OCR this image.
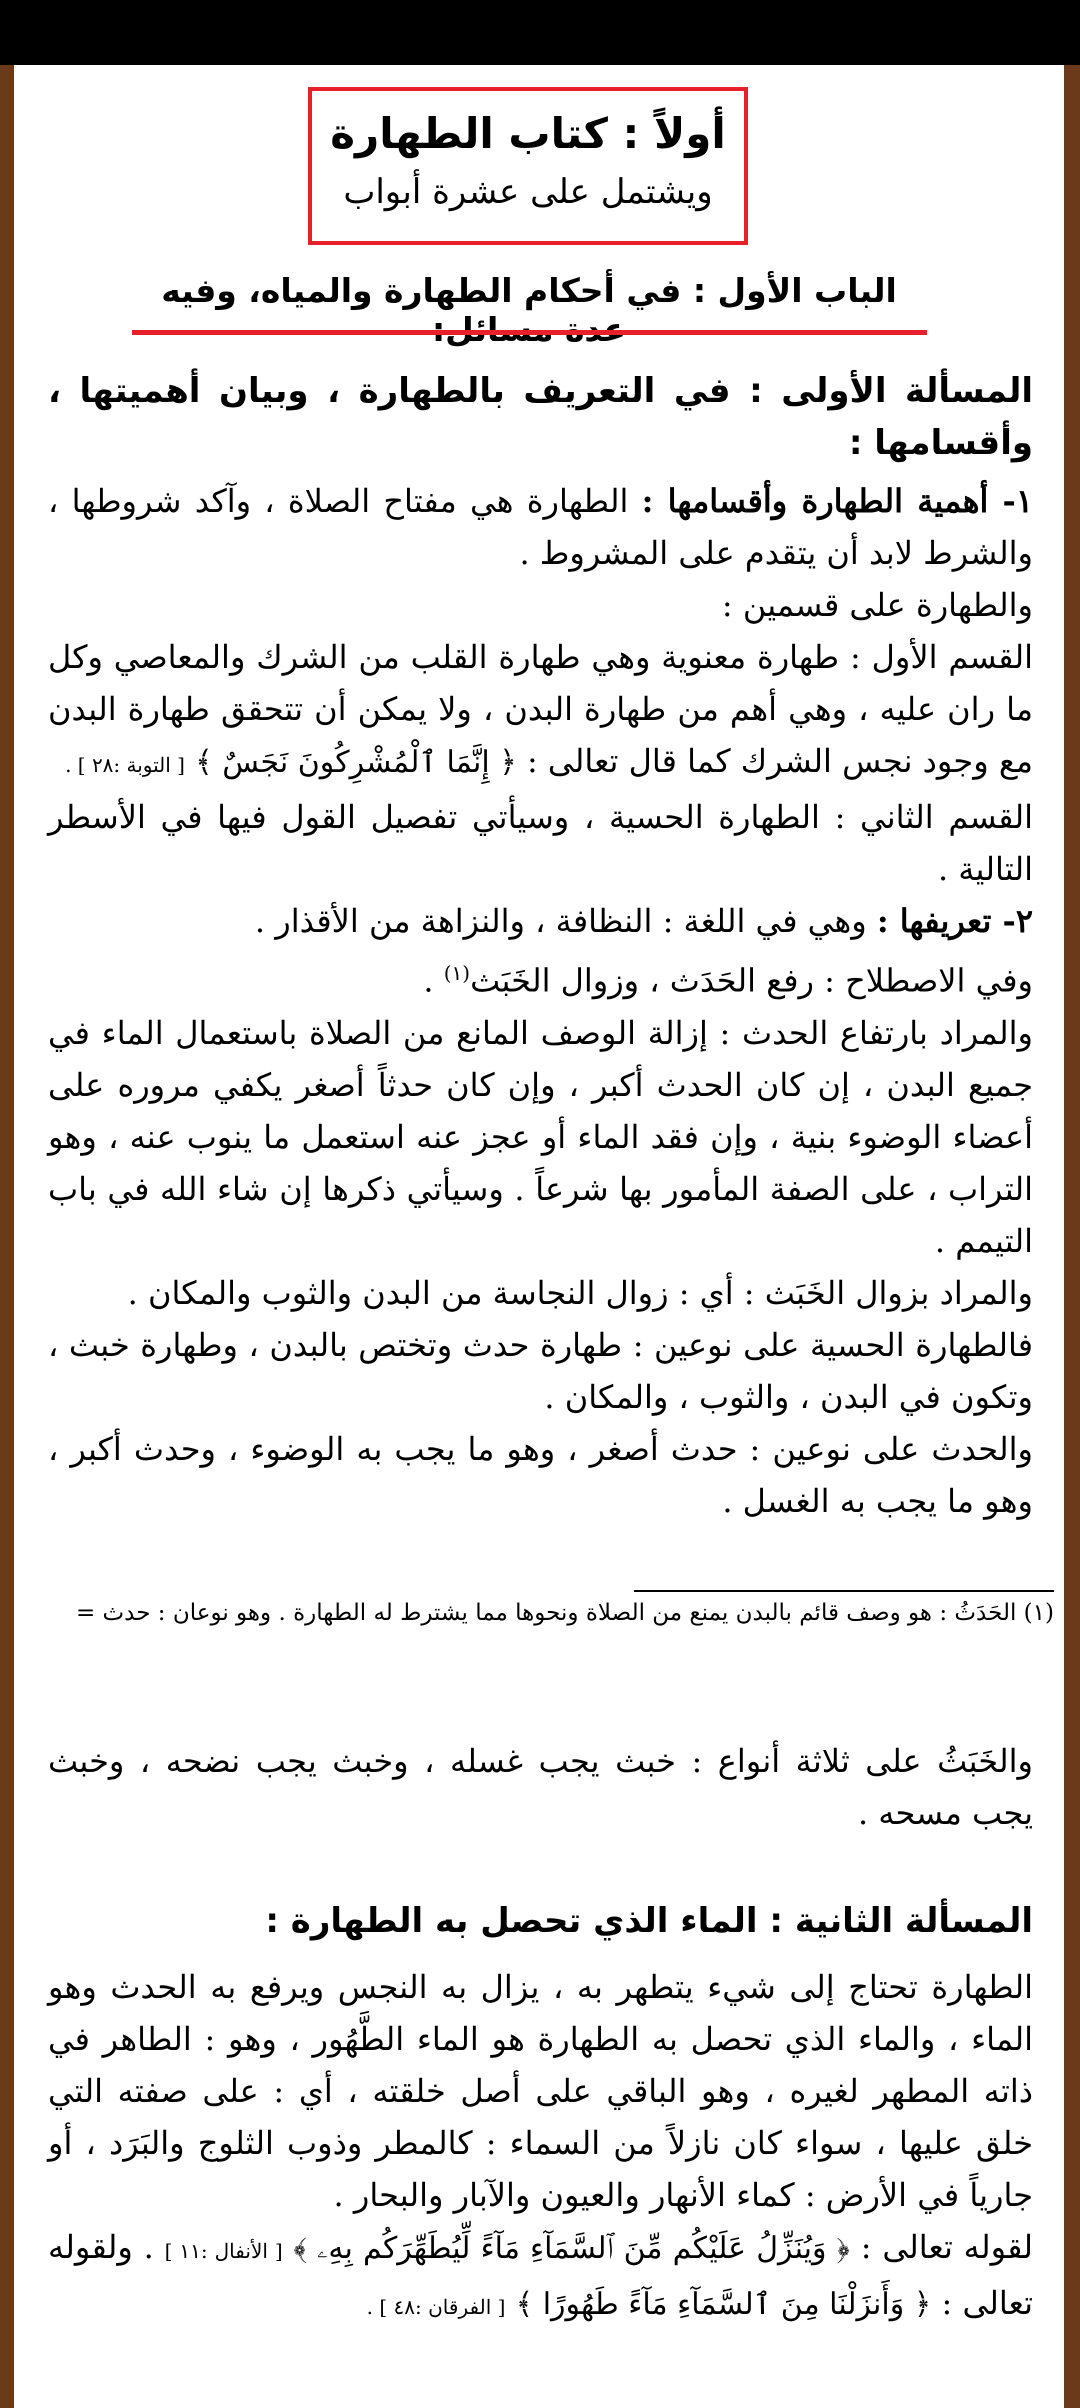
أولاً : كتاب الطهارة
ويشتمل على عشرة أبواب
الباب الأول : في أحكام الطهارة والمياه، وفيه
المسألة الأولى : في التعريف بالطهارة ، وبيان أهميتها ، وأقسامها :
١- أهمية الطهارة وأقسامها : الطهارة هي مفتاح الصلاة ، وآكد شروطها ، والشرط لابد أن يتقدم على المشروط .
والطهارة على قسمين :
القسم الأول : طهارة معنوية وهي طهارة القلب من الشرك والمعاصي وكل ما ران عليه ، وهي أهم من طهارة البدن ، ولا يمكن أن تتحقق طهارة البدن مع وجود نجس الشرك كما قال تعالى : ﴿ إِنَّمَا ٱلْمُشْرِكُونَ نَجَسٌ ﴾ [ التوبة :٢٨ ] .
القسم الثاني : الطهارة الحسية ، وسيأتي تفصيل القول فيها في الأسطر التالية .
٢- تعريفها : وهي في اللغة : النظافة ، والنزاهة من الأقذار .
وفي الاصطلاح : رفع الحَدَث ، وزوال الخَبَث$^{(١)}$ .
والمراد بارتفاع الحدث : إزالة الوصف المانع من الصلاة باستعمال الماء في جميع البدن ، إن كان الحدث أكبر ، وإن كان حدثاً أصغر يكفي مروره على أعضاء الوضوء بنية ، وإن فقد الماء أو عجز عنه استعمل ما ينوب عنه ، وهو التراب ، على الصفة المأمور بها شرعاً . وسيأتي ذكرها إن شاء الله في باب التيمم .
والمراد بزوال الخَبَث : أي : زوال النجاسة من البدن والثوب والمكان .
فالطهارة الحسية على نوعين : طهارة حدث وتختص بالبدن ، وطهارة خبث ، وتكون في البدن ، والثوب ، والمكان .
والحدث على نوعين : حدث أصغر ، وهو ما يجب به الوضوء ، وحدث أكبر ، وهو ما يجب به الغسل .
(١) الحَدَثُ : هو وصف قائم بالبدن يمنع من الصلاة ونحوها مما يشترط له الطهارة . وهو نوعان : حدث =
والخَبَثُ على ثلاثة أنواع : خبث يجب غسله ، وخبث يجب نضحه ، وخبث يجب مسحه .
المسألة الثانية : الماء الذي تحصل به الطهارة :
الطهارة تحتاج إلى شيء يتطهر به ، يزال به النجس ويرفع به الحدث وهو الماء ، والماء الذي تحصل به الطهارة هو الماء الطَّهُور ، وهو : الطاهر في ذاته المطهر لغيره ، وهو الباقي على أصل خلقته ، أي : على صفته التي خلق عليها ، سواء كان نازلاً من السماء : كالمطر وذوب الثلوج والبَرَد ، أو جارياً في الأرض : كماء الأنهار والعيون والآبار والبحار .
لقوله تعالى : ﴿ وَيُنَزِّلُ عَلَيْكُم مِّنَ ٱلسَّمَآءِ مَآءً لِّيُطَهِّرَكُم بِهِۦ ﴾ [ الأنفال :١١ ] . ولقوله تعالى : ﴿ وَأَنزَلْنَا مِنَ ٱلسَّمَآءِ مَآءً طَهُورًا ﴾ [ الفرقان :٤٨ ] .
